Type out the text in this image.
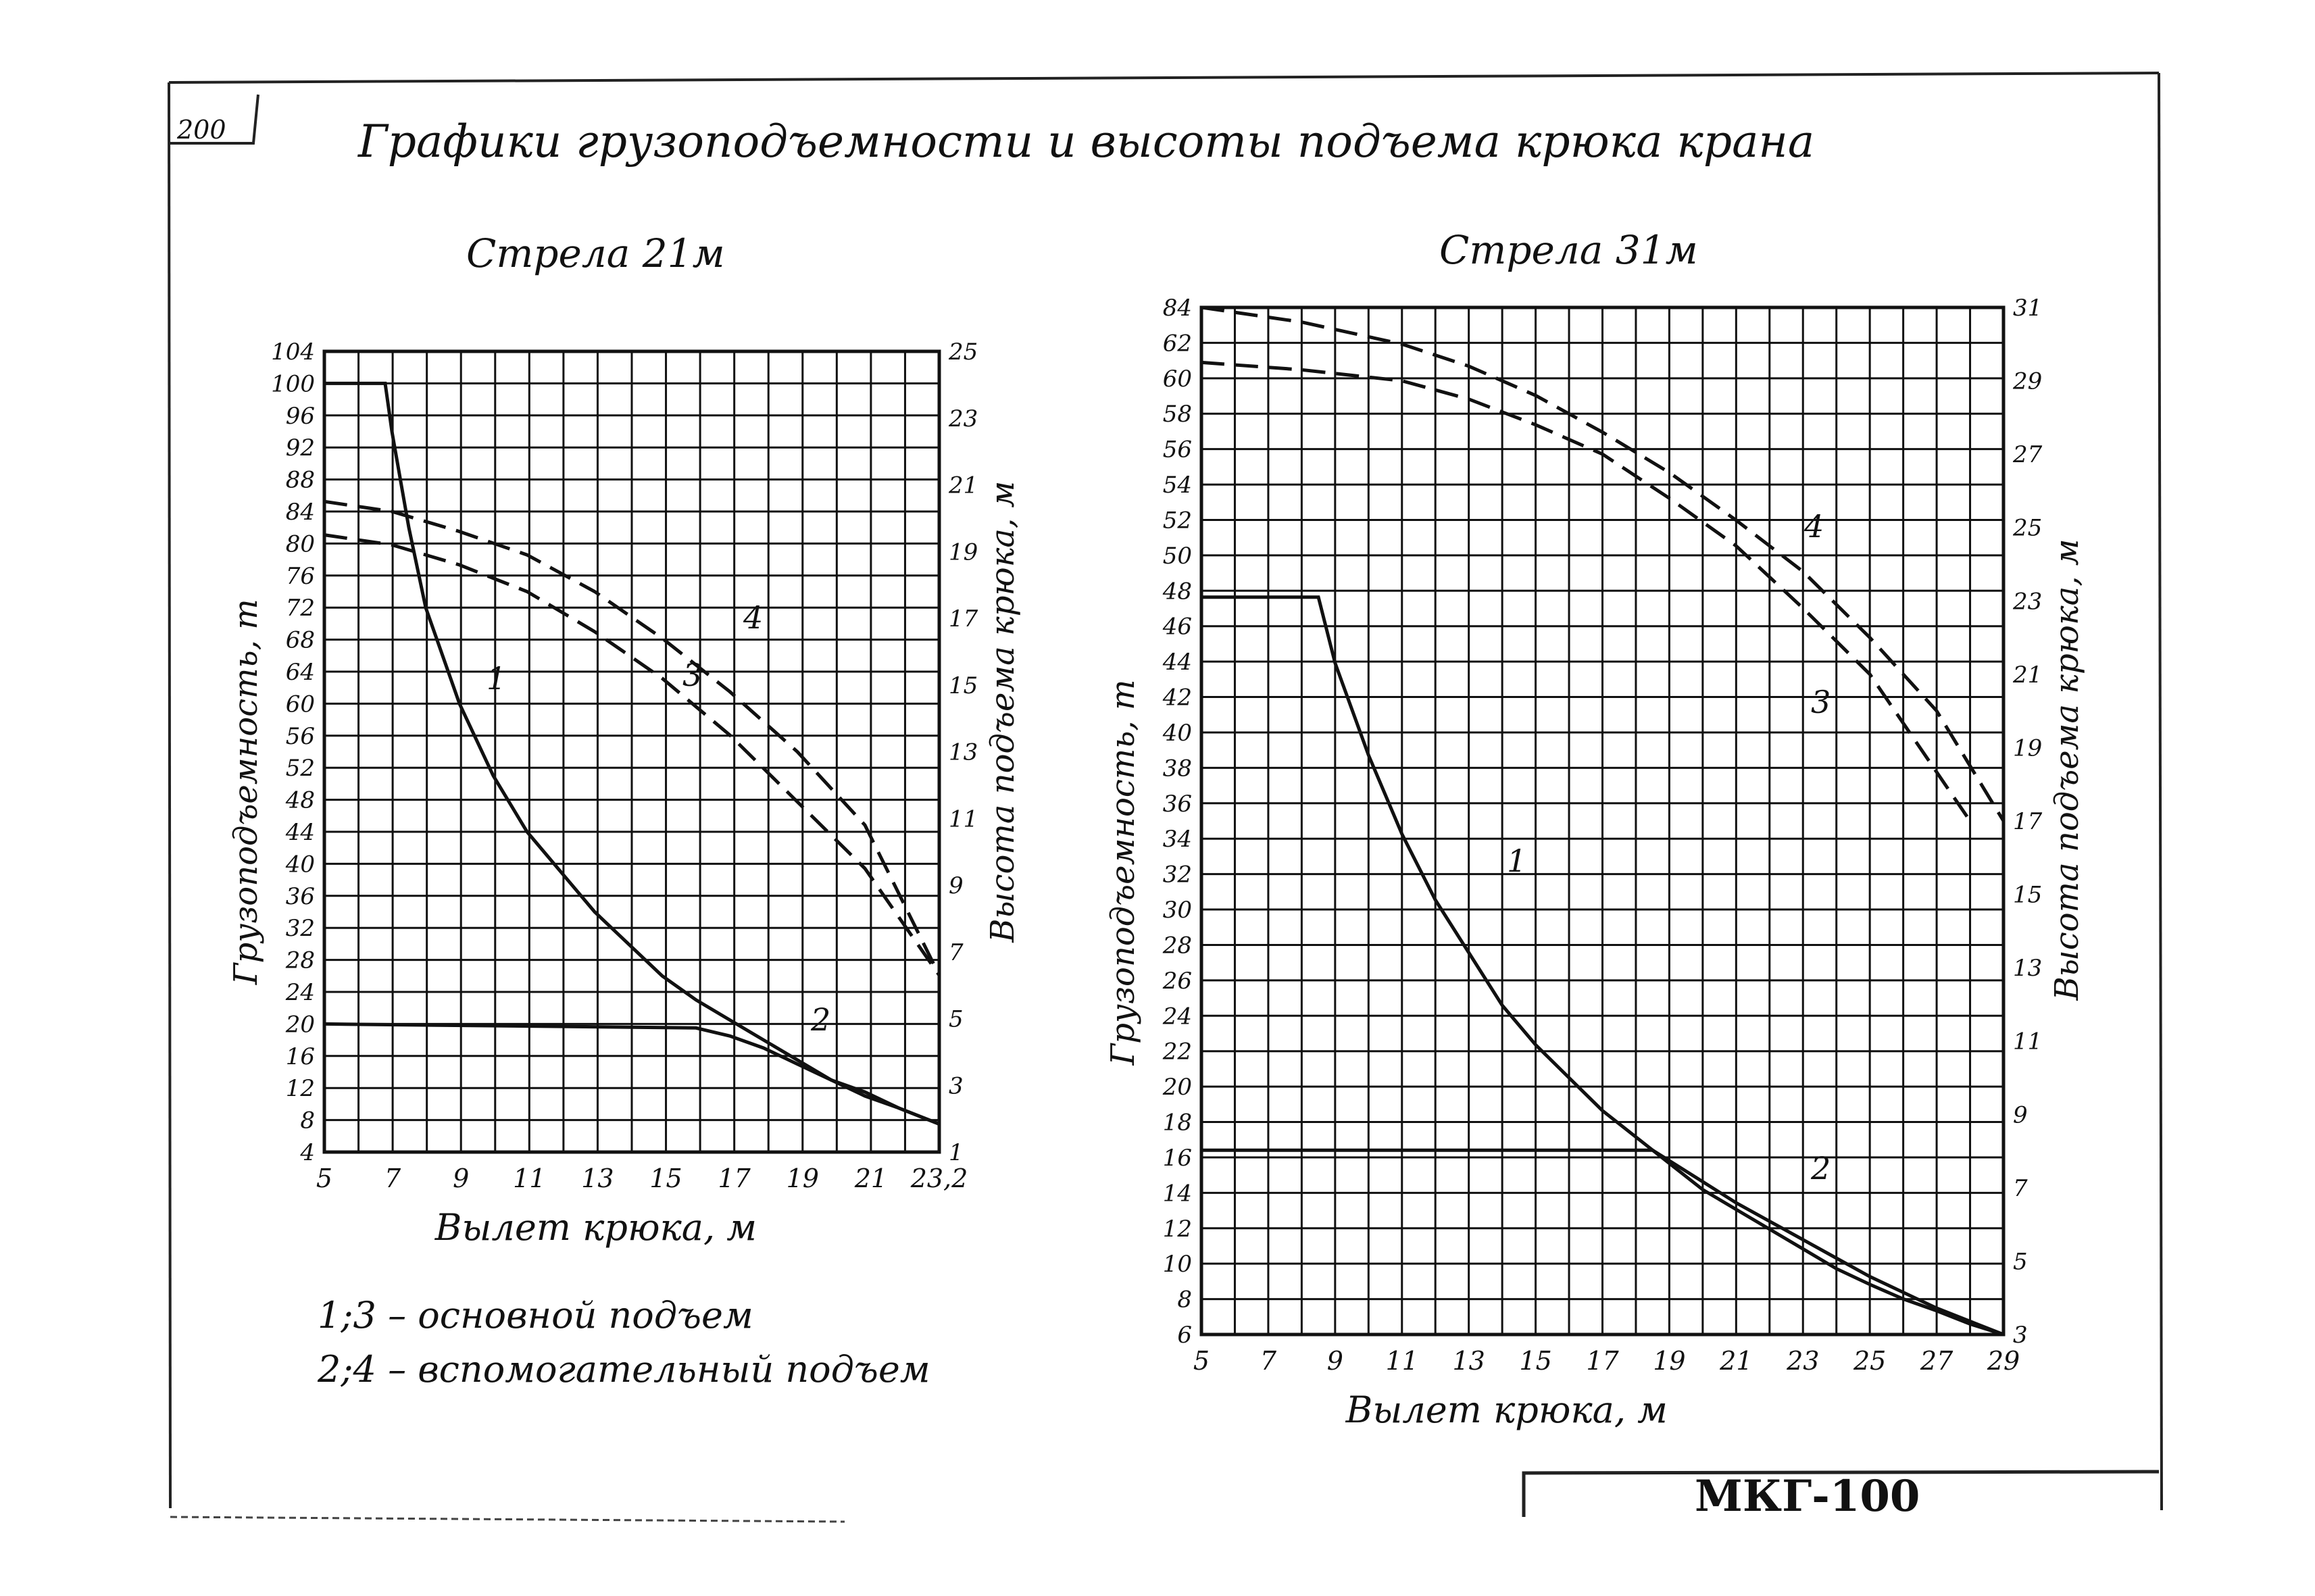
200	Графики грузоподъемности и высоты подъема крюка крана
МКГ-100
1;3 – основной подъем
2;4 – вспомогательный подъем
Стрела 21м
4
8
12
16
20
24
28
32
36
40
44
48
52
56
60
64
68
72
76
80
84
88
92
96
100
104
1
3
5
7
9
11
13
15
17
19
21
23
25
5 7 9 11 13 15 17 19 21 23,2
Вылет крюка, м
Грузоподъемность, т	Высота подъема крюка, м
1
2
3
4
Стрела 31м
6
8
10
12
14
16
18
20
22
24
26
28
30
32
34
36
38
40
42
44
46
48
50
52
54
56
58
60
62
84
3
5
7
9
11
13
15
17
19
21
23
25
27
29
31
5 7 9 11 13 15 17 19 21 23 25 27 29
Вылет крюка, м
Грузоподъемность, т	Высота подъема крюка, м
1
2
3
4
